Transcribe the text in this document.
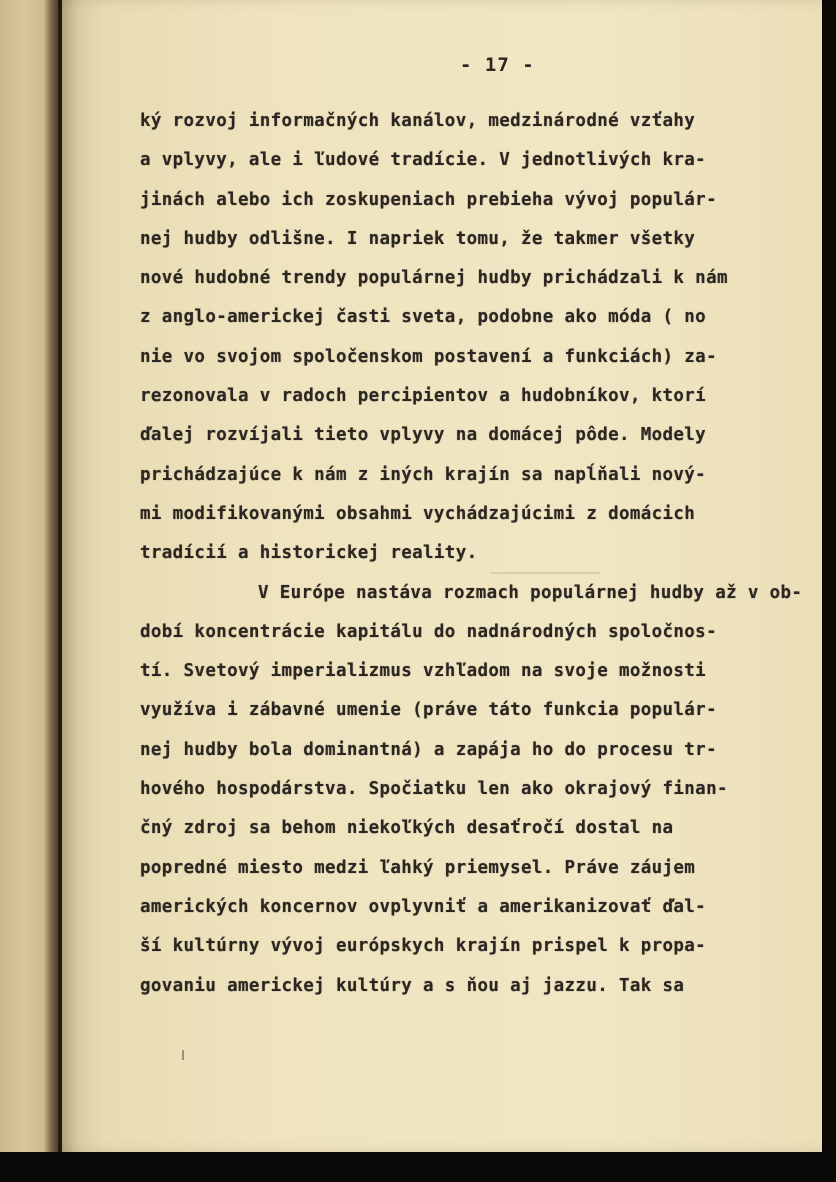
- 17 -
ký rozvoj informačných kanálov, medzinárodné vzťahy
a vplyvy, ale i ľudové tradície. V jednotlivých kra-
jinách alebo ich zoskupeniach prebieha vývoj populár-
nej hudby odlišne. I napriek tomu, že takmer všetky
nové hudobné trendy populárnej hudby prichádzali k nám
z anglo-americkej časti sveta, podobne ako móda ( no
nie vo svojom spoločenskom postavení a funkciách) za-
rezonovala v radoch percipientov a hudobníkov, ktorí
ďalej rozvíjali tieto vplyvy na domácej pôde. Modely
prichádzajúce k nám z iných krajín sa napĺňali nový-
mi modifikovanými obsahmi vychádzajúcimi z domácich
tradícií a historickej reality.
V Európe nastáva rozmach populárnej hudby až v ob-
dobí koncentrácie kapitálu do nadnárodných spoločnos-
tí. Svetový imperializmus vzhľadom na svoje možnosti
využíva i zábavné umenie (práve táto funkcia populár-
nej hudby bola dominantná) a zapája ho do procesu tr-
hového hospodárstva. Spočiatku len ako okrajový finan-
čný zdroj sa behom niekoľkých desaťročí dostal na
popredné miesto medzi ľahký priemysel. Práve záujem
amerických koncernov ovplyvniť a amerikanizovať ďal-
ší kultúrny vývoj európskych krajín prispel k propa-
govaniu americkej kultúry a s ňou aj jazzu. Tak sa
